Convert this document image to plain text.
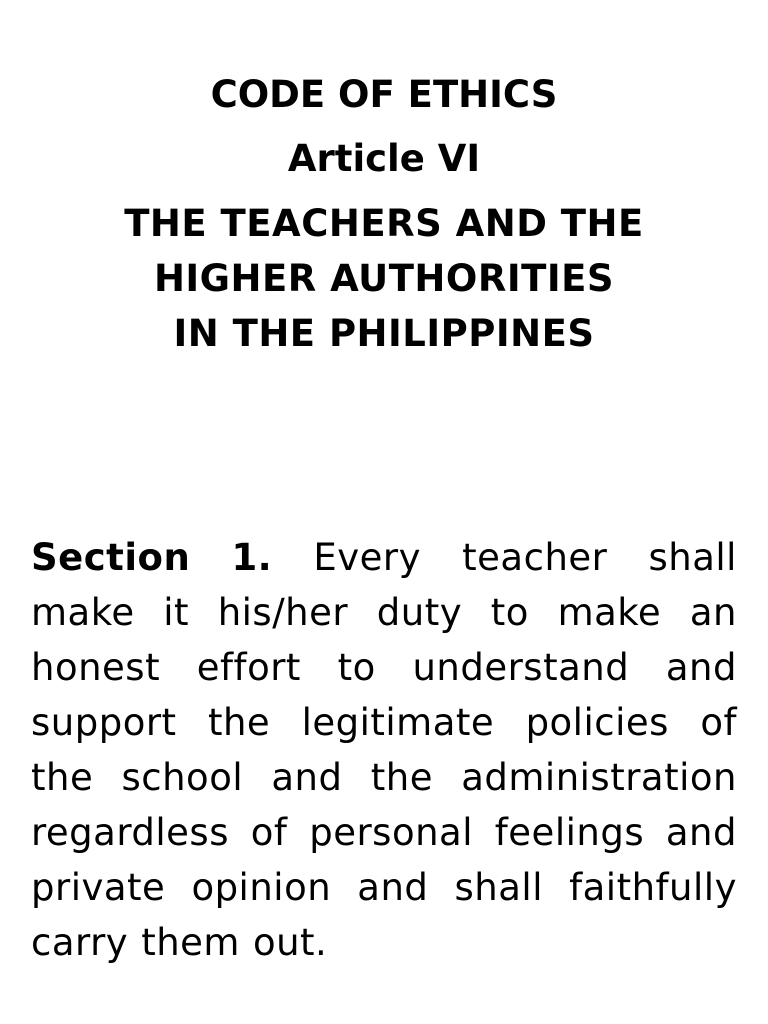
CODE OF ETHICS
Article VI
THE TEACHERS AND THE
HIGHER AUTHORITIES
IN THE PHILIPPINES
Section 1. Every teacher shall
make it his/her duty to make an
honest effort to understand and
support the legitimate policies of
the school and the administration
regardless of personal feelings and
private opinion and shall faithfully
carry them out.
